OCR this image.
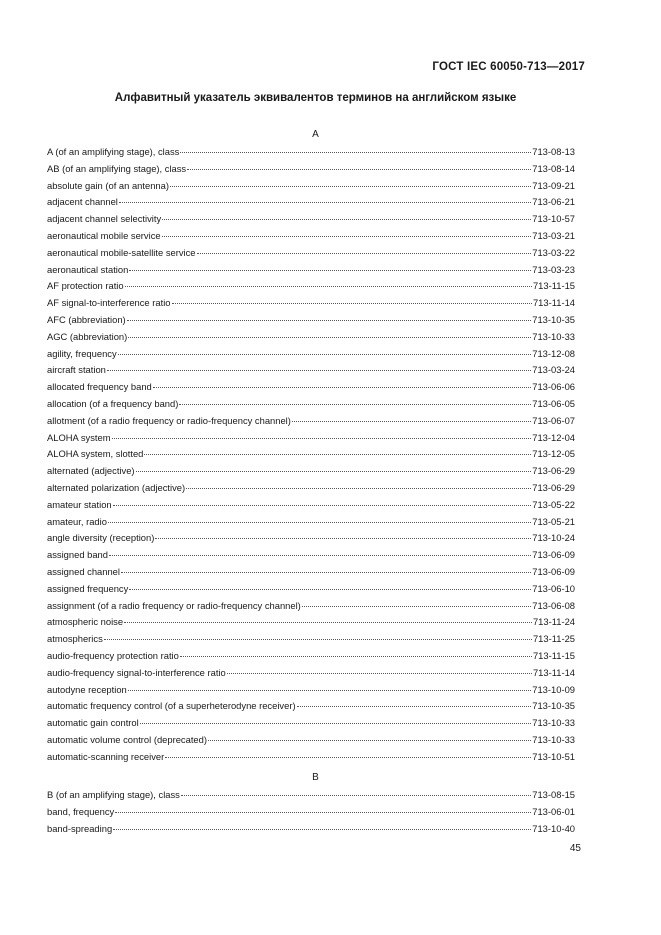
ГОСТ IEC 60050-713—2017
Алфавитный указатель эквивалентов терминов на английском языке
A
A (of an amplifying stage), class	713-08-13
AB (of an amplifying stage), class	713-08-14
absolute gain (of an antenna)	713-09-21
adjacent channel	713-06-21
adjacent channel selectivity	713-10-57
aeronautical mobile service	713-03-21
aeronautical mobile-satellite service	713-03-22
aeronautical station	713-03-23
AF protection ratio	713-11-15
AF signal-to-interference ratio	713-11-14
AFC (abbreviation)	713-10-35
AGC (abbreviation)	713-10-33
agility, frequency	713-12-08
aircraft station	713-03-24
allocated frequency band	713-06-06
allocation (of a frequency band)	713-06-05
allotment (of a radio frequency or radio-frequency channel)	713-06-07
ALOHA system	713-12-04
ALOHA system, slotted	713-12-05
alternated (adjective)	713-06-29
alternated polarization (adjective)	713-06-29
amateur station	713-05-22
amateur, radio	713-05-21
angle diversity (reception)	713-10-24
assigned band	713-06-09
assigned channel	713-06-09
assigned frequency	713-06-10
assignment (of a radio frequency or radio-frequency channel)	713-06-08
atmospheric noise	713-11-24
atmospherics	713-11-25
audio-frequency protection ratio	713-11-15
audio-frequency signal-to-interference ratio	713-11-14
autodyne reception	713-10-09
automatic frequency control (of a superheterodyne receiver)	713-10-35
automatic gain control	713-10-33
automatic volume control (deprecated)	713-10-33
automatic-scanning receiver	713-10-51
B
B (of an amplifying stage), class	713-08-15
band, frequency	713-06-01
band-spreading	713-10-40
45
